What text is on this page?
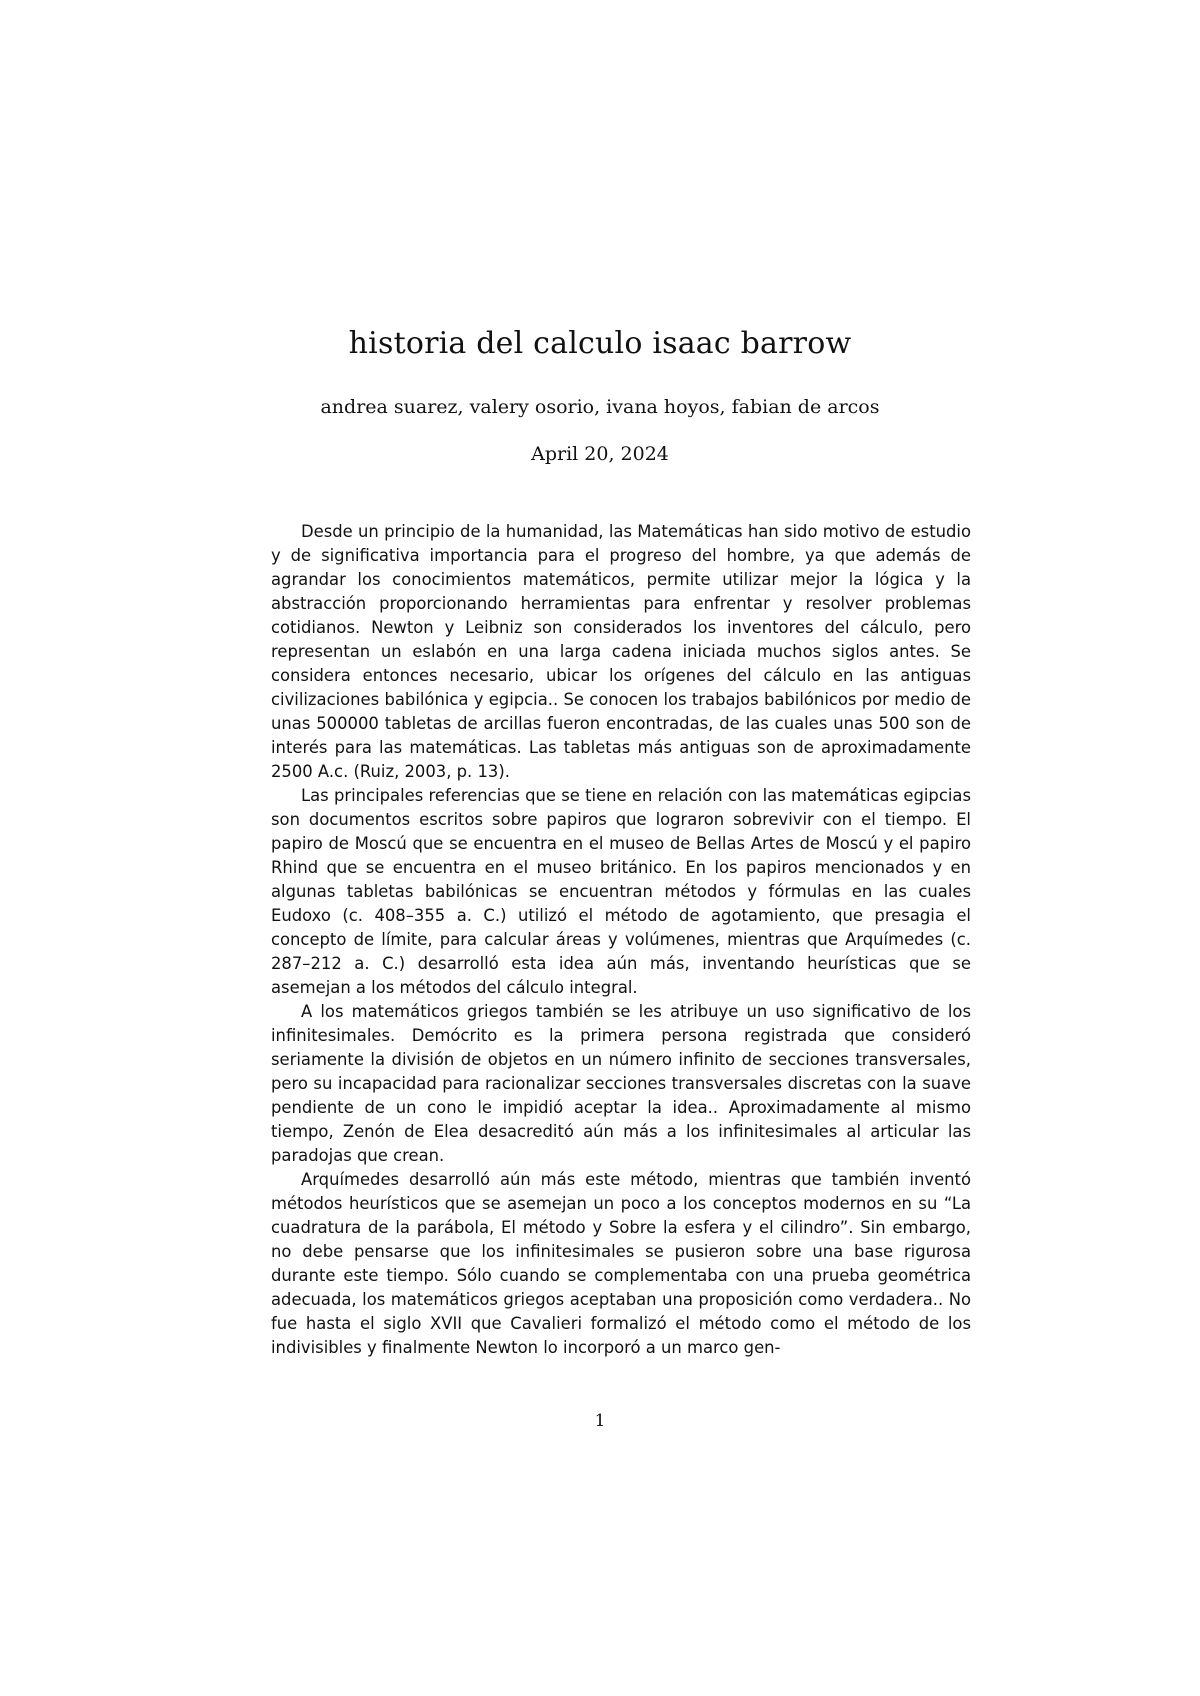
historia del calculo isaac barrow
andrea suarez, valery osorio, ivana hoyos, fabian de arcos
April 20, 2024

Desde un principio de la humanidad, las Matemáticas han sido motivo de estudio y de significativa importancia para el progreso del hombre, ya que además de agrandar los conocimientos matemáticos, permite utilizar mejor la lógica y la abstracción proporcionando herramientas para enfrentar y resolver problemas cotidianos. Newton y Leibniz son considerados los inventores del cálculo, pero representan un eslabón en una larga cadena iniciada muchos siglos antes. Se considera entonces necesario, ubicar los orígenes del cálculo en las antiguas civilizaciones babilónica y egipcia.. Se conocen los trabajos babilónicos por medio de unas 500000 tabletas de arcillas fueron encontradas, de las cuales unas 500 son de interés para las matemáticas. Las tabletas más antiguas son de aproximadamente 2500 A.c. (Ruiz, 2003, p. 13).

Las principales referencias que se tiene en relación con las matemáticas egipcias son documentos escritos sobre papiros que lograron sobrevivir con el tiempo. El papiro de Moscú que se encuentra en el museo de Bellas Artes de Moscú y el papiro Rhind que se encuentra en el museo británico. En los papiros mencionados y en algunas tabletas babilónicas se encuentran métodos y fórmulas en las cuales Eudoxo (c. 408–355 a. C.) utilizó el método de agotamiento, que presagia el concepto de límite, para calcular áreas y volúmenes, mientras que Arquímedes (c. 287–212 a. C.) desarrolló esta idea aún más, inventando heurísticas que se asemejan a los métodos del cálculo integral.

A los matemáticos griegos también se les atribuye un uso significativo de los infinitesimales. Demócrito es la primera persona registrada que consideró seriamente la división de objetos en un número infinito de secciones transversales, pero su incapacidad para racionalizar secciones transversales discretas con la suave pendiente de un cono le impidió aceptar la idea.. Aproximadamente al mismo tiempo, Zenón de Elea desacreditó aún más a los infinitesimales al articular las paradojas que crean.

Arquímedes desarrolló aún más este método, mientras que también inventó métodos heurísticos que se asemejan un poco a los conceptos modernos en su “La cuadratura de la parábola, El método y Sobre la esfera y el cilindro”. Sin embargo, no debe pensarse que los infinitesimales se pusieron sobre una base rigurosa durante este tiempo. Sólo cuando se complementaba con una prueba geométrica adecuada, los matemáticos griegos aceptaban una proposición como verdadera.. No fue hasta el siglo XVII que Cavalieri formalizó el método como el método de los indivisibles y finalmente Newton lo incorporó a un marco gen-

1
